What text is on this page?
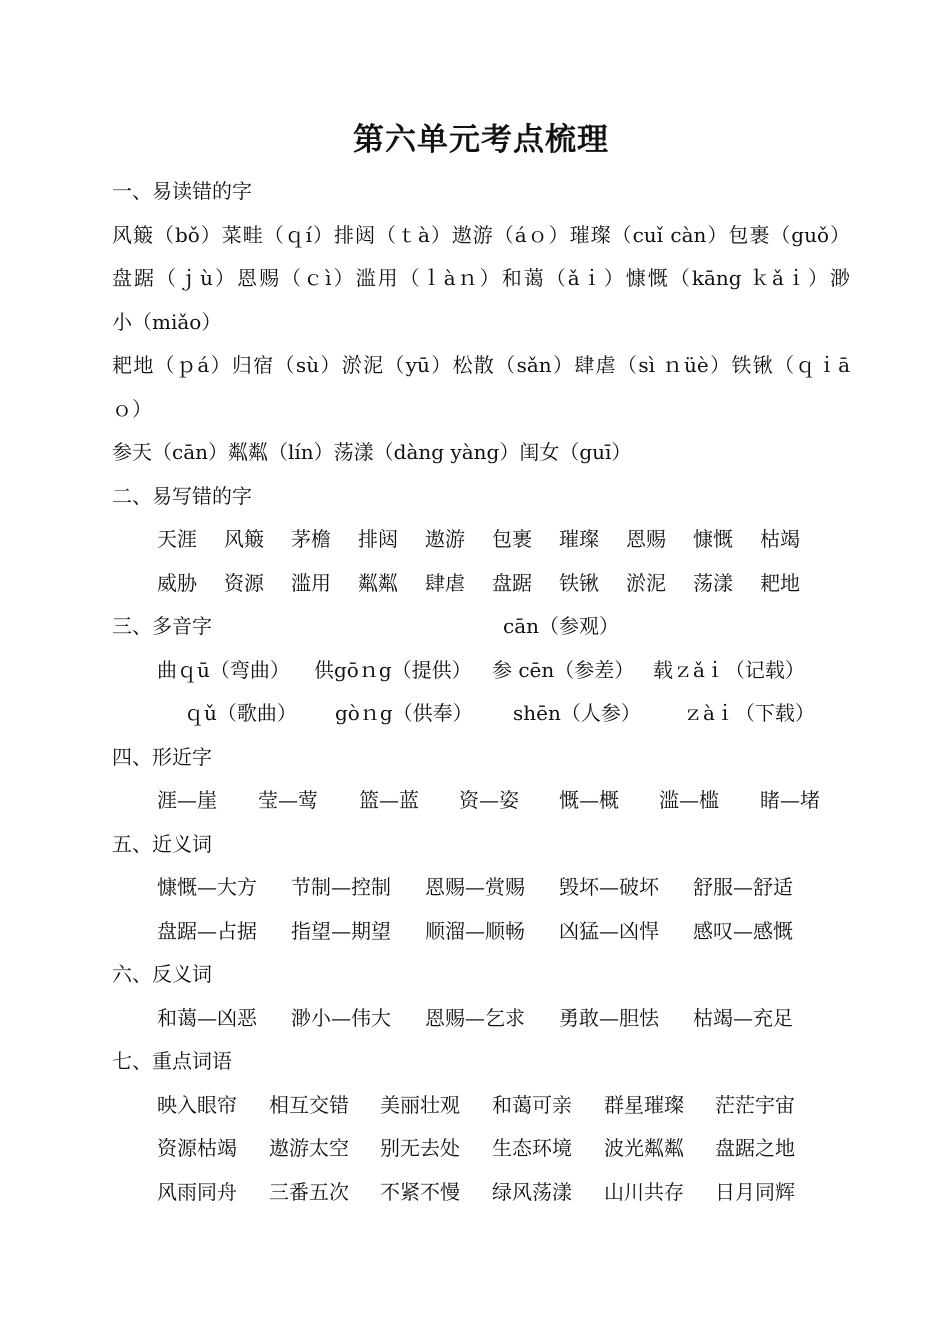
第六单元考点梳理
一、易读错的字
风簸（bǒ）菜畦（ｑí）排闼（ｔà）遨游（áｏ）璀璨（cuǐ càn）包裹（guǒ）
盘踞（ｊù）恩赐（ｃì）滥用（ｌàｎ）和蔼（ǎｉ）慷慨（kāng ｋǎｉ）渺
小（miǎo）
耙地（ｐá）归宿（sù）淤泥（yū）松散（sǎn）肆虐（sì ｎüè）铁锹（ｑｉā
ｏ）
参天（cān）粼粼（lín）荡漾（dàng yàng）闺女（guī）
二、易写错的字
天涯 风簸 茅檐 排闼 遨游 包裹 璀璨 恩赐 慷慨 枯竭
威胁 资源 滥用 粼粼 肆虐 盘踞 铁锹 淤泥 荡漾 耙地
三、多音字	cān（参观）
曲ｑū（弯曲） 供gōｎg（提供） 参 cēn（参差） 载ｚǎｉ（记载）
ｑǔ（歌曲） gòｎg（供奉） shēn（人参） ｚàｉ（下载）
四、形近字
涯—崖 莹—莺 篮—蓝 资—姿 慨—概 滥—槛 睹—堵
五、近义词
慷慨—大方 节制—控制 恩赐—赏赐 毁坏—破坏 舒服—舒适
盘踞—占据 指望—期望 顺溜—顺畅 凶猛—凶悍 感叹—感慨
六、反义词
和蔼—凶恶 渺小—伟大 恩赐—乞求 勇敢—胆怯 枯竭—充足
七、重点词语
映入眼帘 相互交错 美丽壮观 和蔼可亲 群星璀璨 茫茫宇宙
资源枯竭 遨游太空 别无去处 生态环境 波光粼粼 盘踞之地
风雨同舟 三番五次 不紧不慢 绿风荡漾 山川共存 日月同辉
